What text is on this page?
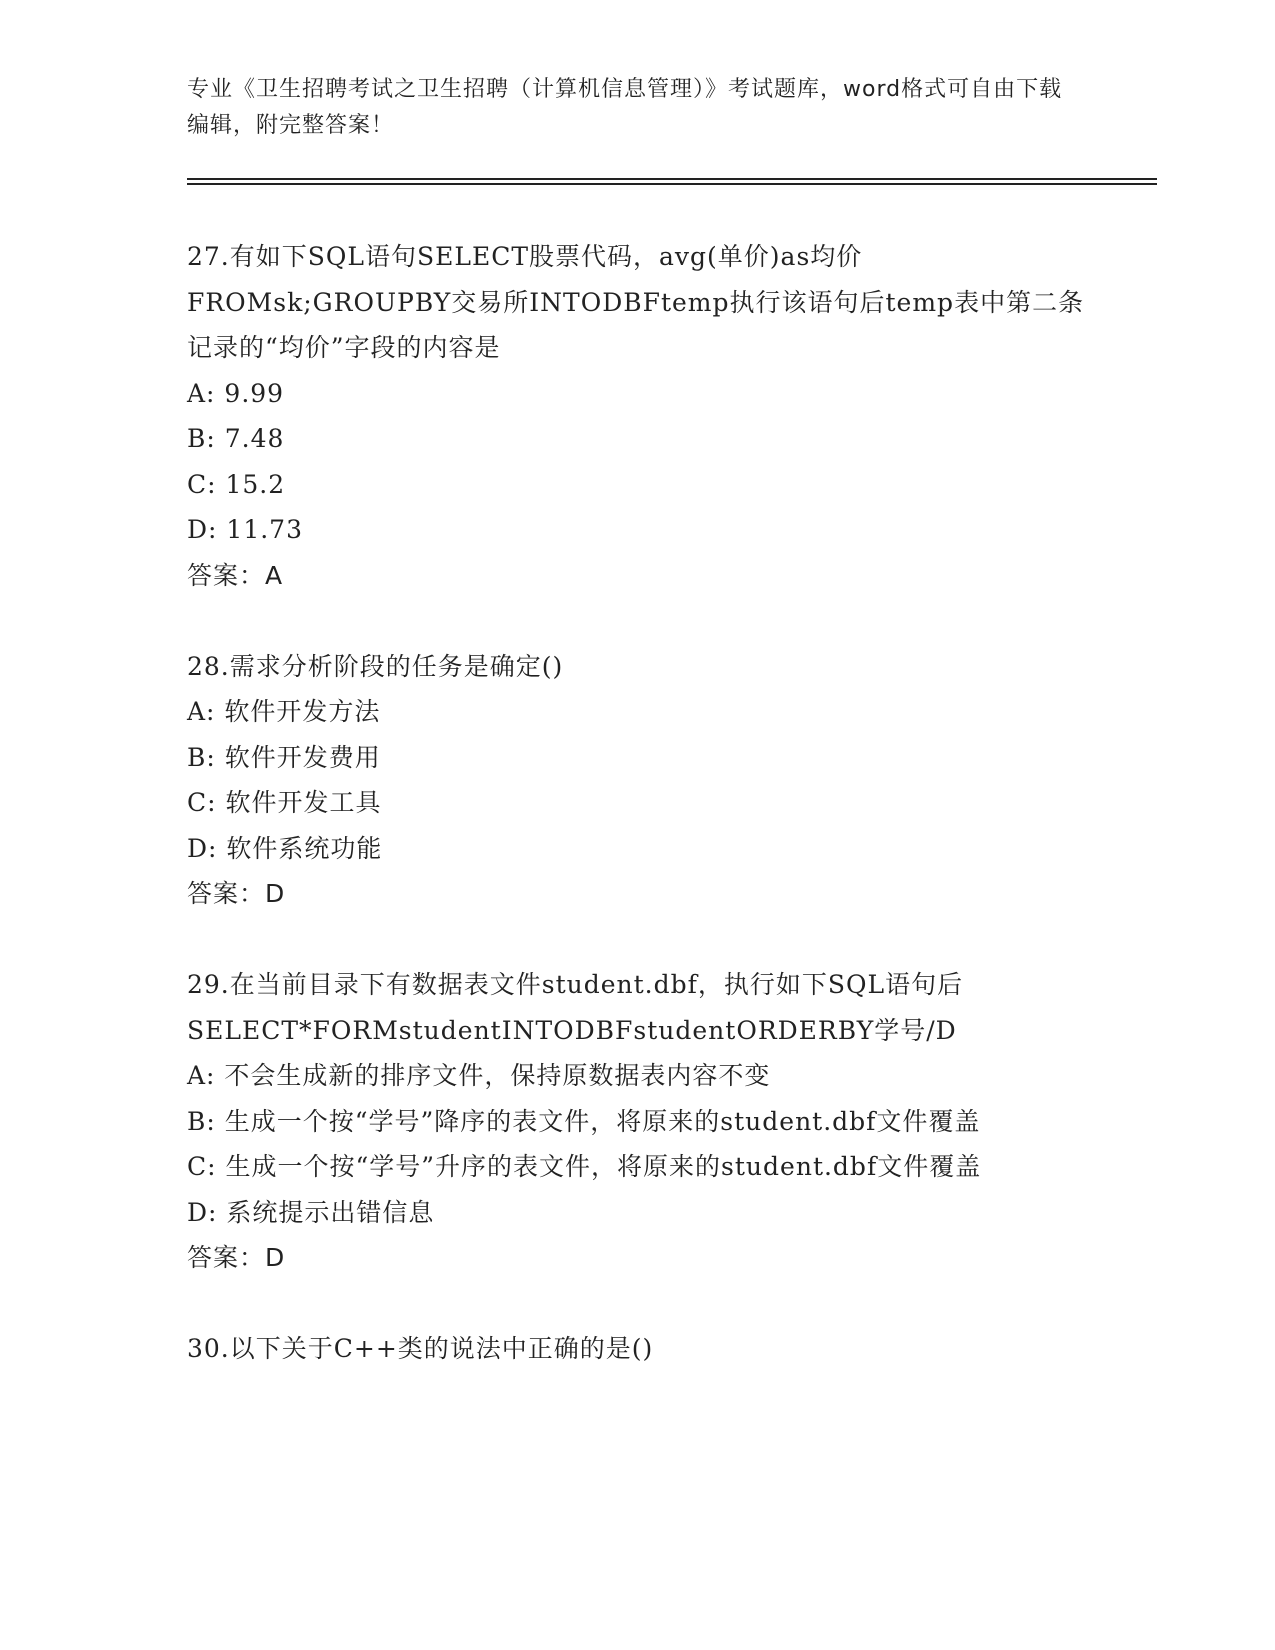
专业《卫生招聘考试之卫生招聘（计算机信息管理）》考试题库，word格式可自由下载编辑，附完整答案！

27.有如下SQL语句SELECT股票代码，avg(单价)as均价FROMsk;GROUPBY交易所INTODBFtemp执行该语句后temp表中第二条记录的“均价”字段的内容是

A: 9.99

B: 7.48

C: 15.2

D: 11.73

答案：A

28.需求分析阶段的任务是确定()

A: 软件开发方法

B: 软件开发费用

C: 软件开发工具

D: 软件系统功能

答案：D

29.在当前目录下有数据表文件student.dbf，执行如下SQL语句后SELECT*FORMstudentINTODBFstudentORDERBY学号/D

A: 不会生成新的排序文件，保持原数据表内容不变

B: 生成一个按“学号”降序的表文件，将原来的student.dbf文件覆盖

C: 生成一个按“学号”升序的表文件，将原来的student.dbf文件覆盖

D: 系统提示出错信息

答案：D

30.以下关于C++类的说法中正确的是()
